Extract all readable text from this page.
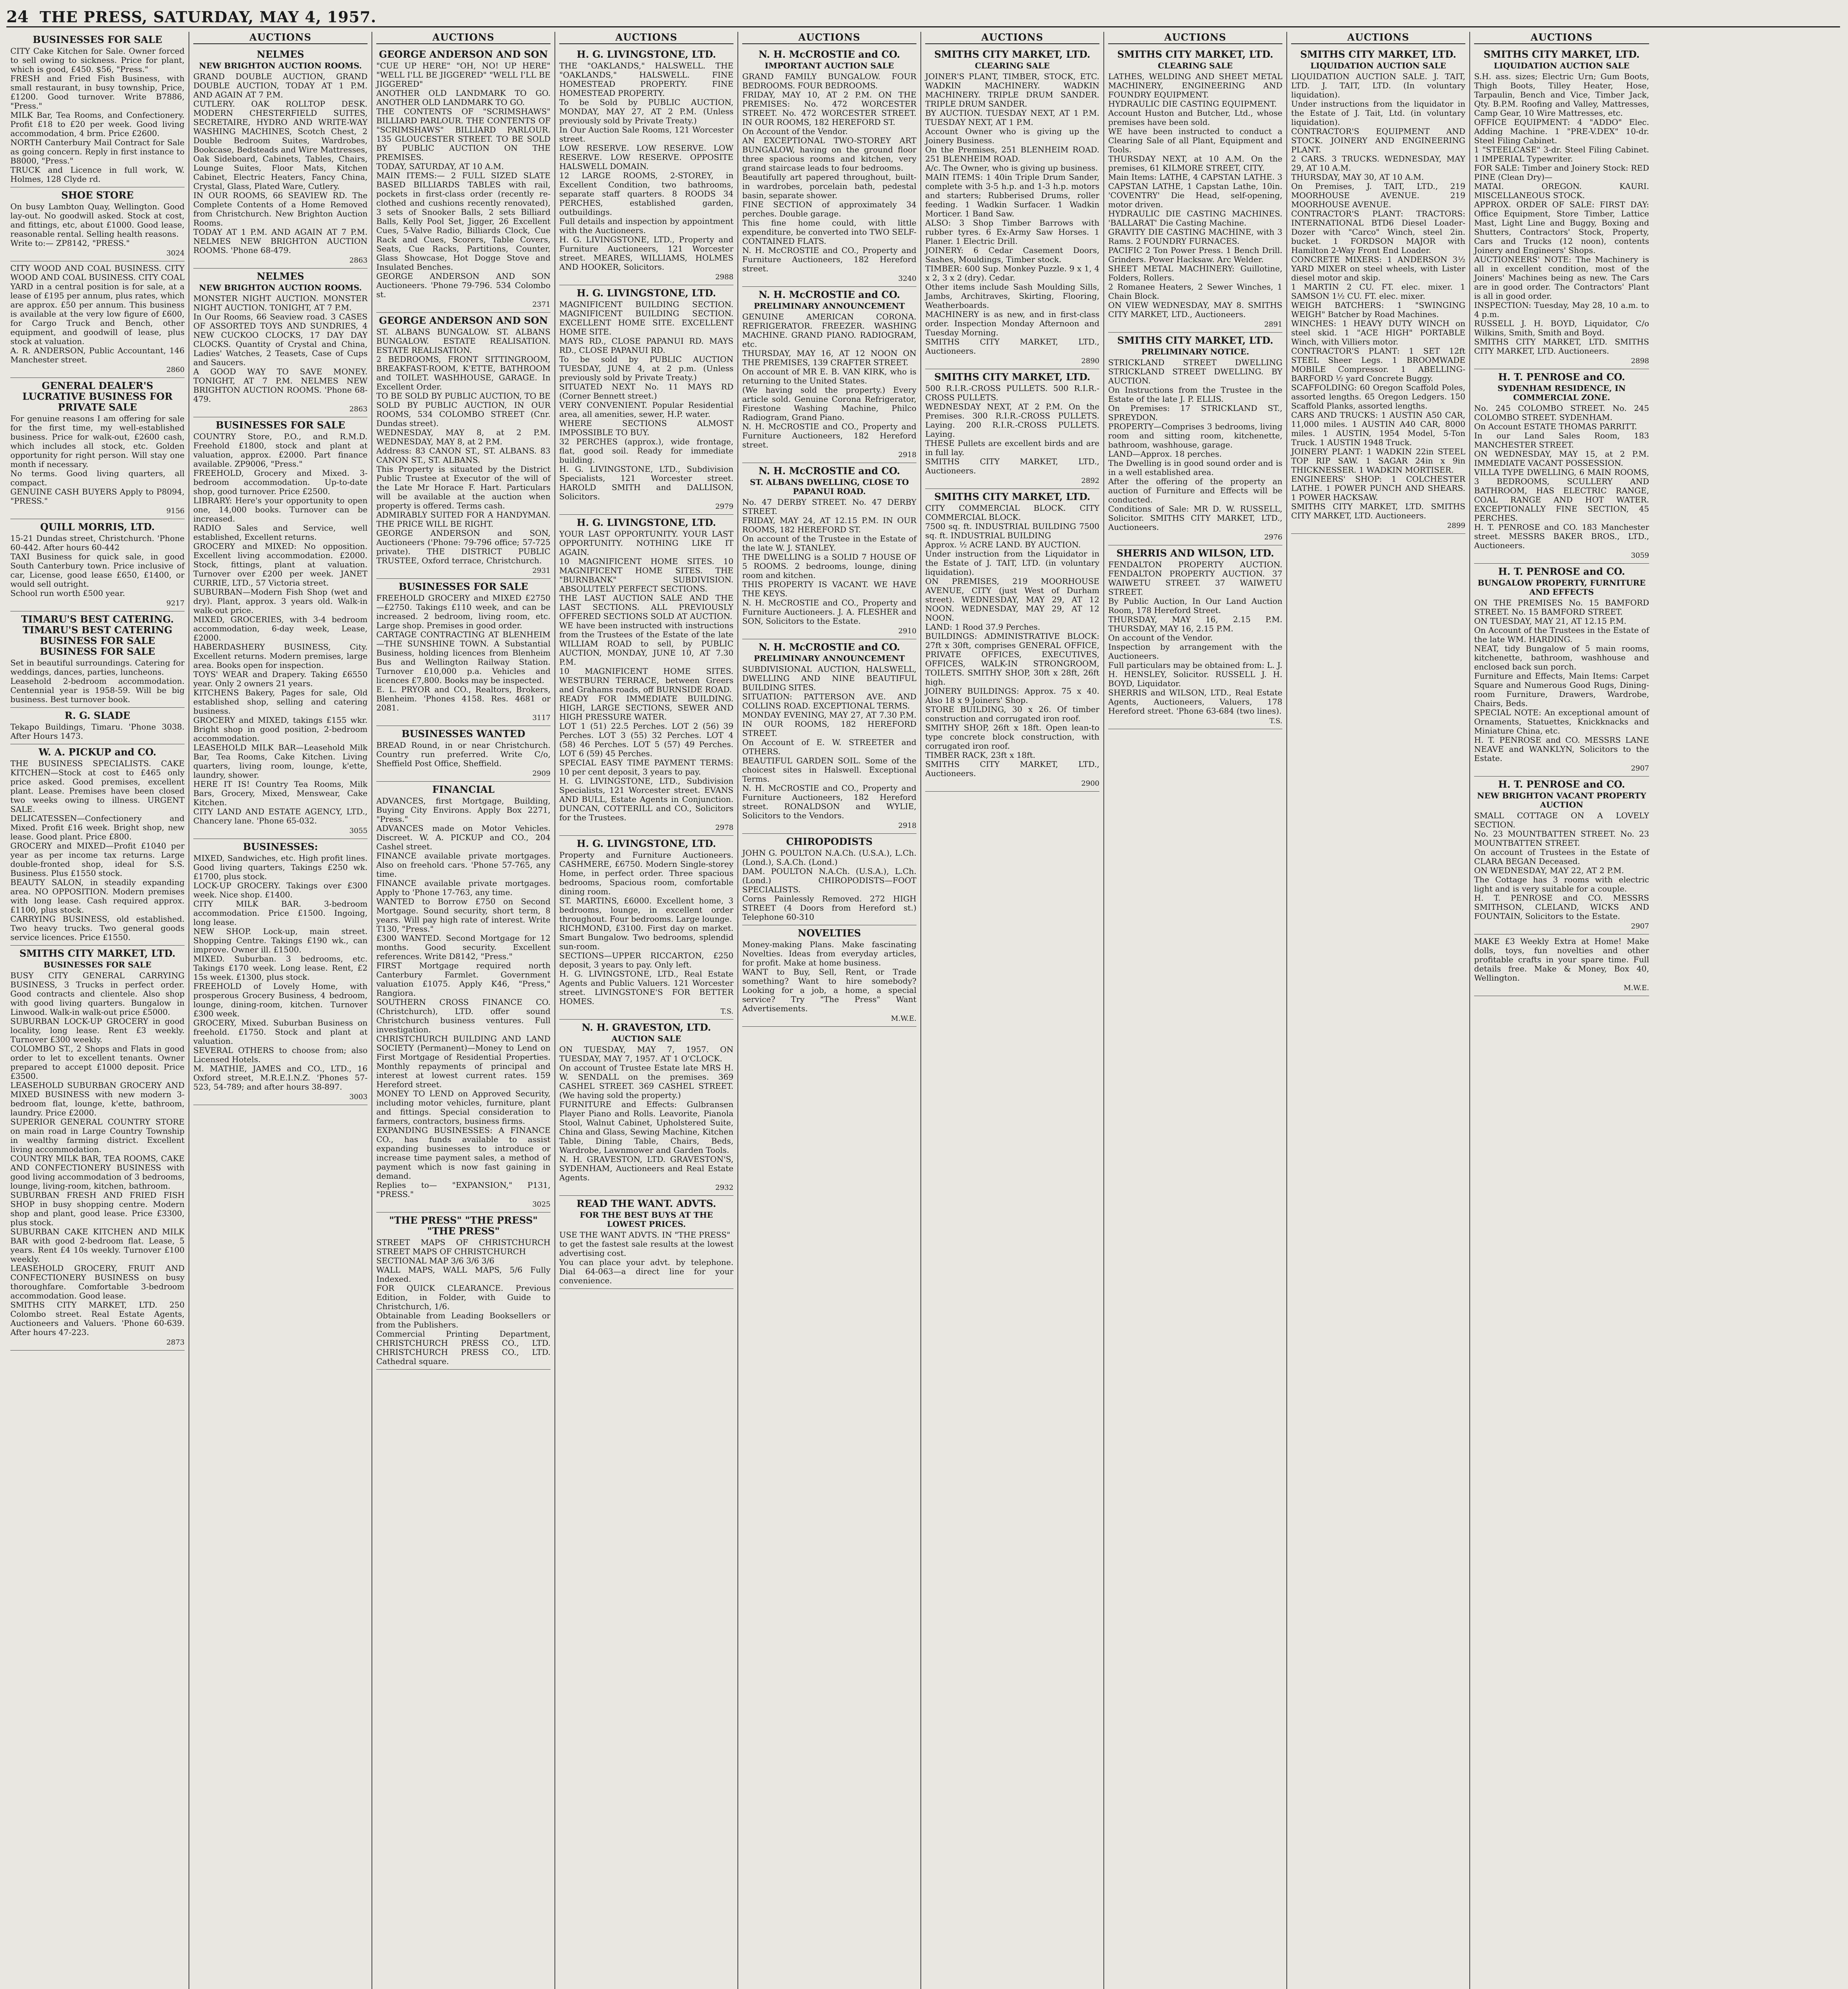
24 THE PRESS, SATURDAY, MAY 4, 1957.
BUSINESSES FOR SALE

CITY Cake Kitchen for Sale. Owner forced to sell owing to sickness. Price for plant, which is good, £450. $56, "Press."

FRESH and Fried Fish Business, with small restaurant, in busy township, Price, £1200. Good turnover. Write B7886, "Press."

MILK Bar, Tea Rooms, and Confectionery. Profit £18 to £20 per week. Good living accommodation, 4 brm. Price £2600.

NORTH Canterbury Mail Contract for Sale as going concern. Reply in first instance to B8000, "Press."

TRUCK and Licence in full work, W. Holmes, 128 Clyde rd.

SHOE STORE

On busy Lambton Quay, Wellington. Good lay-out. No goodwill asked. Stock at cost, and fittings, etc, about £1000. Good lease, reasonable rental. Selling health reasons.

Write to:— ZP8142, "PRESS."

3024

CITY WOOD AND COAL BUSINESS. CITY WOOD AND COAL BUSINESS. CITY COAL YARD in a central position is for sale, at a lease of £195 per annum, plus rates, which are approx. £50 per annum. This business is available at the very low figure of £600, for Cargo Truck and Bench, other equipment, and goodwill of lease, plus stock at valuation.

A. R. ANDERSON, Public Accountant, 146 Manchester street.

2860
GENERAL DEALER'S LUCRATIVE BUSINESS FOR PRIVATE SALE

For genuine reasons I am offering for sale for the first time, my well-established business. Price for walk-out, £2600 cash, which includes all stock, etc. Golden opportunity for right person. Will stay one month if necessary.

No terms. Good living quarters, all compact.

GENUINE CASH BUYERS Apply to P8094, "PRESS."

9156
QUILL MORRIS, LTD.

15-21 Dundas street, Christchurch. 'Phone 60-442. After hours 60-442

TAXI Business for quick sale, in good South Canterbury town. Price inclusive of car, License, good lease £650, £1400, or would sell outright.

School run worth £500 year.

9217
TIMARU'S BEST CATERING. TIMARU'S BEST CATERING BUSINESS FOR SALE BUSINESS FOR SALE

Set in beautiful surroundings. Catering for weddings, dances, parties, luncheons.

Leasehold 2-bedroom accommodation. Centennial year is 1958-59. Will be big business. Best turnover book.

R. G. SLADE

Tekapo Buildings, Timaru. 'Phone 3038. After Hours 1473.

W. A. PICKUP and CO.

THE BUSINESS SPECIALISTS. CAKE KITCHEN—Stock at cost to £465 only price asked. Good premises, excellent plant. Lease. Premises have been closed two weeks owing to illness. URGENT SALE.

DELICATESSEN—Confectionery and Mixed. Profit £16 week. Bright shop, new lease. Good plant. Price £800.

GROCERY and MIXED—Profit £1040 per year as per income tax returns. Large double-fronted shop, ideal for S.S. Business. Plus £1550 stock.

BEAUTY SALON, in steadily expanding area. NO OPPOSITION. Modern premises with long lease. Cash required approx. £1100, plus stock.

CARRYING BUSINESS, old established. Two heavy trucks. Two general goods service licences. Price £1550.

SMITHS CITY MARKET, LTD.
BUSINESSES FOR SALE

BUSY CITY GENERAL CARRYING BUSINESS, 3 Trucks in perfect order. Good contracts and clientele. Also shop with good living quarters. Bungalow in Linwood. Walk-in walk-out price £5000.

SUBURBAN LOCK-UP GROCERY in good locality, long lease. Rent £3 weekly. Turnover £300 weekly.

COLOMBO ST., 2 Shops and Flats in good order to let to excellent tenants. Owner prepared to accept £1000 deposit. Price £3500.

LEASEHOLD SUBURBAN GROCERY AND MIXED BUSINESS with new modern 3-bedroom flat, lounge, k'ette, bathroom, laundry. Price £2000.

SUPERIOR GENERAL COUNTRY STORE on main road in Large Country Township in wealthy farming district. Excellent living accommodation.

COUNTRY MILK BAR, TEA ROOMS, CAKE AND CONFECTIONERY BUSINESS with good living accommodation of 3 bedrooms, lounge, living-room, kitchen, bathroom.

SUBURBAN FRESH AND FRIED FISH SHOP in busy shopping centre. Modern shop and plant, good lease. Price £3300, plus stock.

SUBURBAN CAKE KITCHEN AND MILK BAR with good 2-bedroom flat. Lease, 5 years. Rent £4 10s weekly. Turnover £100 weekly.

LEASEHOLD GROCERY, FRUIT AND CONFECTIONERY BUSINESS on busy thoroughfare. Comfortable 3-bedroom accommodation. Good lease.

SMITHS CITY MARKET, LTD. 250 Colombo street. Real Estate Agents, Auctioneers and Valuers. 'Phone 60-639. After hours 47-223.

2873
AUCTIONS
NELMES
NEW BRIGHTON AUCTION ROOMS.

GRAND DOUBLE AUCTION, GRAND DOUBLE AUCTION, TODAY AT 1 P.M. AND AGAIN AT 7 P.M.

CUTLERY. OAK ROLLTOP DESK. MODERN CHESTERFIELD SUITES, SECRETAIRE, HYDRO AND WRITE-WAY WASHING MACHINES, Scotch Chest, 2 Double Bedroom Suites, Wardrobes, Bookcase, Bedsteads and Wire Mattresses, Oak Sideboard, Cabinets, Tables, Chairs, Lounge Suites, Floor Mats, Kitchen Cabinet, Electric Heaters, Fancy China, Crystal, Glass, Plated Ware, Cutlery.

IN OUR ROOMS, 66 SEAVIEW RD. The Complete Contents of a Home Removed from Christchurch. New Brighton Auction Rooms.

TODAY AT 1 P.M. AND AGAIN AT 7 P.M. NELMES NEW BRIGHTON AUCTION ROOMS. 'Phone 68-479.

2863
NELMES
NEW BRIGHTON AUCTION ROOMS.

MONSTER NIGHT AUCTION. MONSTER NIGHT AUCTION. TONIGHT, AT 7 P.M.

In Our Rooms, 66 Seaview road. 3 CASES OF ASSORTED TOYS AND SUNDRIES, 4 NEW CUCKOO CLOCKS, 17 DAY DAY CLOCKS. Quantity of Crystal and China, Ladies' Watches, 2 Teasets, Case of Cups and Saucers.

A GOOD WAY TO SAVE MONEY. TONIGHT, AT 7 P.M. NELMES NEW BRIGHTON AUCTION ROOMS. 'Phone 68-479.

2863
BUSINESSES FOR SALE

COUNTRY Store, P.O., and R.M.D. Freehold £1800, stock and plant at valuation, approx. £2000. Part finance available. ZP9006, "Press."

FREEHOLD, Grocery and Mixed. 3-bedroom accommodation. Up-to-date shop, good turnover. Price £2500.

LIBRARY: Here's your opportunity to open one, 14,000 books. Turnover can be increased.

RADIO Sales and Service, well established, Excellent returns.

GROCERY and MIXED: No opposition. Excellent living accommodation. £2000. Stock, fittings, plant at valuation. Turnover over £200 per week. JANET CURRIE, LTD., 57 Victoria street.

SUBURBAN—Modern Fish Shop (wet and dry). Plant, approx. 3 years old. Walk-in walk-out price.

MIXED, GROCERIES, with 3-4 bedroom accommodation, 6-day week, Lease, £2000.

HABERDASHERY BUSINESS, City. Excellent returns. Modern premises, large area. Books open for inspection.

TOYS' WEAR and Drapery. Taking £6550 year. Only 2 owners 21 years.

KITCHENS Bakery, Pages for sale, Old established shop, selling and catering business.

GROCERY and MIXED, takings £155 wkr. Bright shop in good position, 2-bedroom accommodation.

LEASEHOLD MILK BAR—Leasehold Milk Bar, Tea Rooms, Cake Kitchen. Living quarters, living room, lounge, k'ette, laundry, shower.

HERE IT IS! Country Tea Rooms, Milk Bars, Grocery, Mixed, Menswear, Cake Kitchen.

CITY LAND AND ESTATE AGENCY, LTD., Chancery lane. 'Phone 65-032.

3055
BUSINESSES:

MIXED, Sandwiches, etc. High profit lines. Good living quarters, Takings £250 wk. £1700, plus stock.

LOCK-UP GROCERY. Takings over £300 week. Nice shop. £1400.

CITY MILK BAR. 3-bedroom accommodation. Price £1500. Ingoing, long lease.

NEW SHOP. Lock-up, main street. Shopping Centre. Takings £190 wk., can improve. Owner ill. £1500.

MIXED. Suburban. 3 bedrooms, etc. Takings £170 week. Long lease. Rent, £2 15s week. £1300, plus stock.

FREEHOLD of Lovely Home, with prosperous Grocery Business, 4 bedroom, lounge, dining-room, kitchen. Turnover £300 week.

GROCERY, Mixed. Suburban Business on freehold. £1750. Stock and plant at valuation.

SEVERAL OTHERS to choose from; also Licensed Hotels.

M. MATHIE, JAMES and CO., LTD., 16 Oxford street, M.R.E.I.N.Z. 'Phones 57-523, 54-789; and after hours 38-897.

3003
AUCTIONS
GEORGE ANDERSON AND SON

"CUE UP HERE" "OH, NO! UP HERE" "WELL I'LL BE JIGGERED" "WELL I'LL BE JIGGERED"

ANOTHER OLD LANDMARK TO GO. ANOTHER OLD LANDMARK TO GO.

THE CONTENTS OF "SCRIMSHAWS" BILLIARD PARLOUR. THE CONTENTS OF "SCRIMSHAWS" BILLIARD PARLOUR. 135 GLOUCESTER STREET. TO BE SOLD BY PUBLIC AUCTION ON THE PREMISES.

TODAY, SATURDAY, AT 10 A.M.

MAIN ITEMS:— 2 FULL SIZED SLATE BASED BILLIARDS TABLES with rail, pockets in first-class order (recently re-clothed and cushions recently renovated), 3 sets of Snooker Balls, 2 sets Billiard Balls, Kelly Pool Set, Jigger, 26 Excellent Cues, 5-Valve Radio, Billiards Clock, Cue Rack and Cues, Scorers, Table Covers, Seats, Cue Racks, Partitions, Counter, Glass Showcase, Hot Dogge Stove and Insulated Benches.

GEORGE ANDERSON AND SON Auctioneers. 'Phone 79-796. 534 Colombo st.

2371
GEORGE ANDERSON AND SON

ST. ALBANS BUNGALOW. ST. ALBANS BUNGALOW. ESTATE REALISATION. ESTATE REALISATION.

2 BEDROOMS, FRONT SITTINGROOM, BREAKFAST-ROOM, K'ETTE, BATHROOM and TOILET. WASHHOUSE, GARAGE. In Excellent Order.

TO BE SOLD BY PUBLIC AUCTION, TO BE SOLD BY PUBLIC AUCTION, IN OUR ROOMS, 534 COLOMBO STREET (Cnr. Dundas street).

WEDNESDAY, MAY 8, at 2 P.M. WEDNESDAY, MAY 8, at 2 P.M.

Address: 83 CANON ST., ST. ALBANS. 83 CANON ST., ST. ALBANS.

This Property is situated by the District Public Trustee at Executor of the will of the Late Mr Horace F. Hart. Particulars will be available at the auction when property is offered. Terms cash.

ADMIRABLY SUITED FOR A HANDYMAN. THE PRICE WILL BE RIGHT.

GEORGE ANDERSON and SON, Auctioneers ('Phone: 79-796 office; 57-725 private). THE DISTRICT PUBLIC TRUSTEE, Oxford terrace, Christchurch.

2931
BUSINESSES FOR SALE

FREEHOLD GROCERY and MIXED £2750—£2750. Takings £110 week, and can be increased. 2 bedroom, living room, etc. Large shop. Premises in good order.

CARTAGE CONTRACTING AT BLENHEIM—THE SUNSHINE TOWN. A Substantial Business, holding licences from Blenheim Bus and Wellington Railway Station. Turnover £10,000 p.a. Vehicles and licences £7,800. Books may be inspected.

E. L. PRYOR and CO., Realtors, Brokers, Blenheim. 'Phones 4158. Res. 4681 or 2081.

3117
BUSINESSES WANTED

BREAD Round, in or near Christchurch. Country run preferred. Write C/o, Sheffield Post Office, Sheffield.

2909
FINANCIAL

ADVANCES, first Mortgage, Building, Buying City Environs. Apply Box 2271, "Press."

ADVANCES made on Motor Vehicles. Discreet. W. A. PICKUP and CO., 204 Cashel street.

FINANCE available private mortgages. Also on freehold cars. 'Phone 57-765, any time.

FINANCE available private mortgages. Apply to 'Phone 17-763, any time.

WANTED to Borrow £750 on Second Mortgage. Sound security, short term, 8 years. Will pay high rate of interest. Write T130, "Press."

£300 WANTED. Second Mortgage for 12 months. Good security. Excellent references. Write D8142, "Press."

FIRST Mortgage required north Canterbury Farmlet. Government valuation £1075. Apply K46, "Press," Rangiora.

SOUTHERN CROSS FINANCE CO. (Christchurch), LTD. offer sound Christchurch business ventures. Full investigation.

CHRISTCHURCH BUILDING AND LAND SOCIETY (Permanent)—Money to Lend on First Mortgage of Residential Properties. Monthly repayments of principal and interest at lowest current rates. 159 Hereford street.

MONEY TO LEND on Approved Security, including motor vehicles, furniture, plant and fittings. Special consideration to farmers, contractors, business firms.

EXPANDING BUSINESSES: A FINANCE CO., has funds available to assist expanding businesses to introduce or increase time payment sales, a method of payment which is now fast gaining in demand.

Replies to— "EXPANSION," P131, "PRESS."

3025
"THE PRESS" "THE PRESS" "THE PRESS"

STREET MAPS OF CHRISTCHURCH STREET MAPS OF CHRISTCHURCH

SECTIONAL MAP 3/6 3/6 3/6

WALL MAPS, WALL MAPS, 5/6 Fully Indexed.

FOR QUICK CLEARANCE. Previous Edition, in Folder, with Guide to Christchurch, 1/6.

Obtainable from Leading Booksellers or from the Publishers.

Commercial Printing Department, CHRISTCHURCH PRESS CO., LTD. CHRISTCHURCH PRESS CO., LTD. Cathedral square.

AUCTIONS
H. G. LIVINGSTONE, LTD.

THE "OAKLANDS," HALSWELL. THE "OAKLANDS," HALSWELL. FINE HOMESTEAD PROPERTY. FINE HOMESTEAD PROPERTY.

To be Sold by PUBLIC AUCTION, MONDAY, MAY 27, AT 2 P.M. (Unless previously sold by Private Treaty.)

In Our Auction Sale Rooms, 121 Worcester street.

LOW RESERVE. LOW RESERVE. LOW RESERVE. LOW RESERVE. OPPOSITE HALSWELL DOMAIN.

12 LARGE ROOMS, 2-STOREY, in Excellent Condition, two bathrooms, separate staff quarters. 8 ROODS 34 PERCHES, established garden, outbuildings.

Full details and inspection by appointment with the Auctioneers.

H. G. LIVINGSTONE, LTD., Property and Furniture Auctioneers, 121 Worcester street. MEARES, WILLIAMS, HOLMES AND HOOKER, Solicitors.

2988
H. G. LIVINGSTONE, LTD.

MAGNIFICENT BUILDING SECTION. MAGNIFICENT BUILDING SECTION. EXCELLENT HOME SITE. EXCELLENT HOME SITE.

MAYS RD., CLOSE PAPANUI RD. MAYS RD., CLOSE PAPANUI RD.

To be sold by PUBLIC AUCTION TUESDAY, JUNE 4, at 2 p.m. (Unless previously sold by Private Treaty.)

SITUATED NEXT No. 11 MAYS RD (Corner Bennett street.)

VERY CONVENIENT. Popular Residential area, all amenities, sewer, H.P. water.

WHERE SECTIONS ALMOST IMPOSSIBLE TO BUY.

32 PERCHES (approx.), wide frontage, flat, good soil. Ready for immediate building.

H. G. LIVINGSTONE, LTD., Subdivision Specialists, 121 Worcester street. HAROLD SMITH and DALLISON, Solicitors.

2979
H. G. LIVINGSTONE, LTD.

YOUR LAST OPPORTUNITY. YOUR LAST OPPORTUNITY. NOTHING LIKE IT AGAIN.

10 MAGNIFICENT HOME SITES. 10 MAGNIFICENT HOME SITES. THE "BURNBANK" SUBDIVISION. ABSOLUTELY PERFECT SECTIONS.

THE LAST AUCTION SALE AND THE LAST SECTIONS. ALL PREVIOUSLY OFFERED SECTIONS SOLD AT AUCTION.

WE have been instructed with instructions from the Trustees of the Estate of the late WILLIAM ROAD to sell, by PUBLIC AUCTION, MONDAY, JUNE 10, AT 7.30 P.M.

10 MAGNIFICENT HOME SITES. WESTBURN TERRACE, between Greers and Grahams roads, off BURNSIDE ROAD.

READY FOR IMMEDIATE BUILDING. HIGH, LARGE SECTIONS, SEWER AND HIGH PRESSURE WATER.

LOT 1 (51) 22.5 Perches. LOT 2 (56) 39 Perches. LOT 3 (55) 32 Perches. LOT 4 (58) 46 Perches. LOT 5 (57) 49 Perches. LOT 6 (59) 45 Perches.

SPECIAL EASY TIME PAYMENT TERMS: 10 per cent deposit, 3 years to pay.

H. G. LIVINGSTONE, LTD., Subdivision Specialists, 121 Worcester street. EVANS AND BULL, Estate Agents in Conjunction. DUNCAN, COTTERILL and CO., Solicitors for the Trustees.

2978
H. G. LIVINGSTONE, LTD.

Property and Furniture Auctioneers. CASHMERE, £6750. Modern Single-storey Home, in perfect order. Three spacious bedrooms, Spacious room, comfortable dining room.

ST. MARTINS, £6000. Excellent home, 3 bedrooms, lounge, in excellent order throughout. Four bedrooms. Large lounge.

RICHMOND, £3100. First day on market. Smart Bungalow. Two bedrooms, splendid sun-room.

SECTIONS—UPPER RICCARTON, £250 deposit, 3 years to pay. Only left.

H. G. LIVINGSTONE, LTD., Real Estate Agents and Public Valuers. 121 Worcester street. LIVINGSTONE'S FOR BETTER HOMES.

T.S.
N. H. GRAVESTON, LTD.
AUCTION SALE

ON TUESDAY, MAY 7, 1957. ON TUESDAY, MAY 7, 1957. AT 1 O'CLOCK.

On account of Trustee Estate late MRS H. W. SENDALL on the premises. 369 CASHEL STREET. 369 CASHEL STREET. (We having sold the property.)

FURNITURE and Effects: Gulbransen Player Piano and Rolls. Leavorite, Pianola Stool, Walnut Cabinet, Upholstered Suite, China and Glass, Sewing Machine, Kitchen Table, Dining Table, Chairs, Beds, Wardrobe, Lawnmower and Garden Tools.

N. H. GRAVESTON, LTD. GRAVESTON'S, SYDENHAM, Auctioneers and Real Estate Agents.

2932
READ THE WANT. ADVTS.
FOR THE BEST BUYS AT THE LOWEST PRICES.

USE THE WANT ADVTS. IN "THE PRESS"

to get the fastest sale results at the lowest advertising cost.

You can place your advt. by telephone. Dial 64-063—a direct line for your convenience.

AUCTIONS
N. H. McCROSTIE and CO.
IMPORTANT AUCTION SALE

GRAND FAMILY BUNGALOW. FOUR BEDROOMS. FOUR BEDROOMS.

FRIDAY, MAY 10, AT 2 P.M. ON THE PREMISES: No. 472 WORCESTER STREET. No. 472 WORCESTER STREET. IN OUR ROOMS, 182 HEREFORD ST.

On Account of the Vendor.

AN EXCEPTIONAL TWO-STOREY ART BUNGALOW, having on the ground floor three spacious rooms and kitchen, very grand staircase leads to four bedrooms.

Beautifully art papered throughout, built-in wardrobes, porcelain bath, pedestal basin, separate shower.

FINE SECTION of approximately 34 perches. Double garage.

This fine home could, with little expenditure, be converted into TWO SELF-CONTAINED FLATS.

N. H. McCROSTIE and CO., Property and Furniture Auctioneers, 182 Hereford street.

3240
N. H. McCROSTIE and CO.
PRELIMINARY ANNOUNCEMENT

GENUINE AMERICAN CORONA. REFRIGERATOR. FREEZER. WASHING MACHINE. GRAND PIANO. RADIOGRAM, etc.

THURSDAY, MAY 16, AT 12 NOON ON THE PREMISES, 139 CRAFTER STREET.

On account of MR E. B. VAN KIRK, who is returning to the United States.

(We having sold the property.) Every article sold. Genuine Corona Refrigerator, Firestone Washing Machine, Philco Radiogram, Grand Piano.

N. H. McCROSTIE and CO., Property and Furniture Auctioneers, 182 Hereford street.

2918
N. H. McCROSTIE and CO.
ST. ALBANS DWELLING, CLOSE TO PAPANUI ROAD.

No. 47 DERBY STREET. No. 47 DERBY STREET.

FRIDAY, MAY 24, AT 12.15 P.M. IN OUR ROOMS, 182 HEREFORD ST.

On account of the Trustee in the Estate of the late W. J. STANLEY.

THE DWELLING is a SOLID 7 HOUSE OF 5 ROOMS. 2 bedrooms, lounge, dining room and kitchen.

THIS PROPERTY IS VACANT. WE HAVE THE KEYS.

N. H. McCROSTIE and CO., Property and Furniture Auctioneers. J. A. FLESHER and SON, Solicitors to the Estate.

2910
N. H. McCROSTIE and CO.
PRELIMINARY ANNOUNCEMENT

SUBDIVISIONAL AUCTION, HALSWELL, DWELLING AND NINE BEAUTIFUL BUILDING SITES.

SITUATION: PATTERSON AVE. AND COLLINS ROAD. EXCEPTIONAL TERMS.

MONDAY EVENING, MAY 27, AT 7.30 P.M. IN OUR ROOMS, 182 HEREFORD STREET.

On Account of E. W. STREETER and OTHERS.

BEAUTIFUL GARDEN SOIL. Some of the choicest sites in Halswell. Exceptional Terms.

N. H. McCROSTIE and CO., Property and Furniture Auctioneers, 182 Hereford street. RONALDSON and WYLIE, Solicitors to the Vendors.

2918
CHIROPODISTS

JOHN G. POULTON N.A.Ch. (U.S.A.), L.Ch. (Lond.), S.A.Ch. (Lond.)

DAM. POULTON N.A.Ch. (U.S.A.), L.Ch. (Lond.) CHIROPODISTS—FOOT SPECIALISTS.

Corns Painlessly Removed. 272 HIGH STREET (4 Doors from Hereford st.) Telephone 60-310

NOVELTIES

Money-making Plans. Make fascinating Novelties. Ideas from everyday articles, for profit. Make at home business.

WANT to Buy, Sell, Rent, or Trade something? Want to hire somebody? Looking for a job, a home, a special service? Try "The Press" Want Advertisements.

M.W.E.
AUCTIONS
SMITHS CITY MARKET, LTD.
CLEARING SALE

JOINER'S PLANT, TIMBER, STOCK, ETC. WADKIN MACHINERY. WADKIN MACHINERY. TRIPLE DRUM SANDER. TRIPLE DRUM SANDER.

BY AUCTION. TUESDAY NEXT, AT 1 P.M. TUESDAY NEXT, AT 1 P.M.

Account Owner who is giving up the Joinery Business.

On the Premises, 251 BLENHEIM ROAD. 251 BLENHEIM ROAD.

A/c. The Owner, who is giving up business.

MAIN ITEMS: 1 40in Triple Drum Sander, complete with 3-5 h.p. and 1-3 h.p. motors and starters; Rubberised Drums, roller feeding. 1 Wadkin Surfacer. 1 Wadkin Morticer. 1 Band Saw.

ALSO: 3 Shop Timber Barrows with rubber tyres. 6 Ex-Army Saw Horses. 1 Planer. 1 Electric Drill.

JOINERY: 6 Cedar Casement Doors, Sashes, Mouldings, Timber stock.

TIMBER: 600 Sup. Monkey Puzzle. 9 x 1, 4 x 2, 3 x 2 (dry). Cedar.

Other items include Sash Moulding Sills, Jambs, Architraves, Skirting, Flooring, Weatherboards.

MACHINERY is as new, and in first-class order. Inspection Monday Afternoon and Tuesday Morning.

SMITHS CITY MARKET, LTD., Auctioneers.

2890
SMITHS CITY MARKET, LTD.

500 R.I.R.-CROSS PULLETS. 500 R.I.R.-CROSS PULLETS.

WEDNESDAY NEXT, AT 2 P.M. On the Premises. 300 R.I.R.-CROSS PULLETS. Laying. 200 R.I.R.-CROSS PULLETS. Laying.

THESE Pullets are excellent birds and are in full lay.

SMITHS CITY MARKET, LTD., Auctioneers.

2892
SMITHS CITY MARKET, LTD.

CITY COMMERCIAL BLOCK. CITY COMMERCIAL BLOCK.

7500 sq. ft. INDUSTRIAL BUILDING 7500 sq. ft. INDUSTRIAL BUILDING

Approx. ½ ACRE LAND. BY AUCTION.

Under instruction from the Liquidator in the Estate of J. TAIT, LTD. (in voluntary liquidation).

ON PREMISES, 219 MOORHOUSE AVENUE, CITY (just West of Durham street). WEDNESDAY, MAY 29, AT 12 NOON. WEDNESDAY, MAY 29, AT 12 NOON.

LAND: 1 Rood 37.9 Perches.

BUILDINGS: ADMINISTRATIVE BLOCK: 27ft x 30ft, comprises GENERAL OFFICE, PRIVATE OFFICES, EXECUTIVES, OFFICES, WALK-IN STRONGROOM, TOILETS. SMITHY SHOP, 30ft x 28ft, 26ft high.

JOINERY BUILDINGS: Approx. 75 x 40. Also 18 x 9 Joiners' Shop.

STORE BUILDING, 30 x 26. Of timber construction and corrugated iron roof.

SMITHY SHOP, 26ft x 18ft. Open lean-to type concrete block construction, with corrugated iron roof.

TIMBER RACK, 23ft x 18ft.

SMITHS CITY MARKET, LTD., Auctioneers.

2900
AUCTIONS
SMITHS CITY MARKET, LTD.
CLEARING SALE

LATHES, WELDING AND SHEET METAL MACHINERY, ENGINEERING AND FOUNDRY EQUIPMENT.

HYDRAULIC DIE CASTING EQUIPMENT.

Account Huston and Butcher, Ltd., whose premises have been sold.

WE have been instructed to conduct a Clearing Sale of all Plant, Equipment and Tools.

THURSDAY NEXT, at 10 A.M. On the premises, 61 KILMORE STREET, CITY.

Main Items: LATHE, 4 CAPSTAN LATHE. 3 CAPSTAN LATHE, 1 Capstan Lathe, 10in. 'COVENTRY' Die Head, self-opening, motor driven.

HYDRAULIC DIE CASTING MACHINES. 'BALLARAT' Die Casting Machine.

GRAVITY DIE CASTING MACHINE, with 3 Rams. 2 FOUNDRY FURNACES.

PACIFIC 2 Ton Power Press. 1 Bench Drill. Grinders. Power Hacksaw. Arc Welder.

SHEET METAL MACHINERY: Guillotine, Folders, Rollers.

2 Romanee Heaters, 2 Sewer Winches, 1 Chain Block.

ON VIEW WEDNESDAY, MAY 8. SMITHS CITY MARKET, LTD., Auctioneers.

2891
SMITHS CITY MARKET, LTD.
PRELIMINARY NOTICE.

STRICKLAND STREET DWELLING STRICKLAND STREET DWELLING. BY AUCTION.

On Instructions from the Trustee in the Estate of the late J. P. ELLIS.

On Premises: 17 STRICKLAND ST., SPREYDON.

PROPERTY—Comprises 3 bedrooms, living room and sitting room, kitchenette, bathroom, washhouse, garage.

LAND—Approx. 18 perches.

The Dwelling is in good sound order and is in a well established area.

After the offering of the property an auction of Furniture and Effects will be conducted.

Conditions of Sale: MR D. W. RUSSELL, Solicitor. SMITHS CITY MARKET, LTD., Auctioneers.

2976
SHERRIS AND WILSON, LTD.

FENDALTON PROPERTY AUCTION. FENDALTON PROPERTY AUCTION. 37 WAIWETU STREET. 37 WAIWETU STREET.

By Public Auction, In Our Land Auction Room, 178 Hereford Street.

THURSDAY, MAY 16, 2.15 P.M. THURSDAY, MAY 16, 2.15 P.M.

On account of the Vendor.

Inspection by arrangement with the Auctioneers.

Full particulars may be obtained from: L. J. H. HENSLEY, Solicitor. RUSSELL J. H. BOYD, Liquidator.

SHERRIS and WILSON, LTD., Real Estate Agents, Auctioneers, Valuers, 178 Hereford street. 'Phone 63-684 (two lines).

T.S.
AUCTIONS
SMITHS CITY MARKET, LTD.
LIQUIDATION AUCTION SALE

LIQUIDATION AUCTION SALE. J. TAIT, LTD. J. TAIT, LTD. (In voluntary liquidation).

Under instructions from the liquidator in the Estate of J. Tait, Ltd. (in voluntary liquidation).

CONTRACTOR'S EQUIPMENT AND STOCK. JOINERY AND ENGINEERING PLANT.

2 CARS. 3 TRUCKS. WEDNESDAY, MAY 29, AT 10 A.M.

THURSDAY, MAY 30, AT 10 A.M.

On Premises, J. TAIT, LTD., 219 MOORHOUSE AVENUE. 219 MOORHOUSE AVENUE.

CONTRACTOR'S PLANT: TRACTORS: INTERNATIONAL BTD6 Diesel Loader-Dozer with "Carco" Winch, steel 2in. bucket. 1 FORDSON MAJOR with Hamilton 2-Way Front End Loader.

CONCRETE MIXERS: 1 ANDERSON 3½ YARD MIXER on steel wheels, with Lister diesel motor and skip.

1 MARTIN 2 CU. FT. elec. mixer. 1 SAMSON 1½ CU. FT. elec. mixer.

WEIGH BATCHERS: 1 "SWINGING WEIGH" Batcher by Road Machines.

WINCHES: 1 HEAVY DUTY WINCH on steel skid. 1 "ACE HIGH" PORTABLE Winch, with Villiers motor.

CONTRACTOR'S PLANT: 1 SET 12ft STEEL Sheer Legs. 1 BROOMWADE MOBILE Compressor. 1 ABELLING-BARFORD ½ yard Concrete Buggy.

SCAFFOLDING: 60 Oregon Scaffold Poles, assorted lengths. 65 Oregon Ledgers. 150 Scaffold Planks, assorted lengths.

CARS AND TRUCKS: 1 AUSTIN A50 CAR, 11,000 miles. 1 AUSTIN A40 CAR, 8000 miles. 1 AUSTIN, 1954 Model, 5-Ton Truck. 1 AUSTIN 1948 Truck.

JOINERY PLANT: 1 WADKIN 22in STEEL TOP RIP SAW. 1 SAGAR 24in x 9in THICKNESSER. 1 WADKIN MORTISER.

ENGINEERS' SHOP: 1 COLCHESTER LATHE. 1 POWER PUNCH AND SHEARS. 1 POWER HACKSAW.

SMITHS CITY MARKET, LTD. SMITHS CITY MARKET, LTD. Auctioneers.

2899
AUCTIONS
SMITHS CITY MARKET, LTD.
LIQUIDATION AUCTION SALE

S.H. ass. sizes; Electric Urn; Gum Boots, Thigh Boots, Tilley Heater, Hose, Tarpaulin, Bench and Vice, Timber Jack, Qty. B.P.M. Roofing and Valley, Mattresses, Camp Gear, 10 Wire Mattresses, etc.

OFFICE EQUIPMENT: 4 "ADDO" Elec. Adding Machine. 1 "PRE-V.DEX" 10-dr. Steel Filing Cabinet.

1 "STEELCASE" 3-dr. Steel Filing Cabinet. 1 IMPERIAL Typewriter.

FOR SALE: Timber and Joinery Stock: RED PINE (Clean Dry)—

MATAI. OREGON. KAURI. MISCELLANEOUS STOCK.

APPROX. ORDER OF SALE: FIRST DAY: Office Equipment, Store Timber, Lattice Mast, Light Line and Buggy, Boxing and Shutters, Contractors' Stock, Property, Cars and Trucks (12 noon), contents Joinery and Engineers' Shops.

AUCTIONEERS' NOTE: The Machinery is all in excellent condition, most of the Joiners' Machines being as new. The Cars are in good order. The Contractors' Plant is all in good order.

INSPECTION: Tuesday, May 28, 10 a.m. to 4 p.m.

RUSSELL J. H. BOYD, Liquidator, C/o Wilkins, Smith, Smith and Boyd.

SMITHS CITY MARKET, LTD. SMITHS CITY MARKET, LTD. Auctioneers.

2898
H. T. PENROSE and CO.
SYDENHAM RESIDENCE, IN COMMERCIAL ZONE.

No. 245 COLOMBO STREET. No. 245 COLOMBO STREET. SYDENHAM.

On Account ESTATE THOMAS PARRITT.

In our Land Sales Room, 183 MANCHESTER STREET.

ON WEDNESDAY, MAY 15, at 2 P.M. IMMEDIATE VACANT POSSESSION.

VILLA TYPE DWELLING, 6 MAIN ROOMS, 3 BEDROOMS, SCULLERY AND BATHROOM, HAS ELECTRIC RANGE, COAL RANGE AND HOT WATER. EXCEPTIONALLY FINE SECTION, 45 PERCHES.

H. T. PENROSE and CO. 183 Manchester street. MESSRS BAKER BROS., LTD., Auctioneers.

3059
H. T. PENROSE and CO.
BUNGALOW PROPERTY, FURNITURE AND EFFECTS

ON THE PREMISES No. 15 BAMFORD STREET. No. 15 BAMFORD STREET.

ON TUESDAY, MAY 21, AT 12.15 P.M.

On Account of the Trustees in the Estate of the late WM. HARDING.

NEAT, tidy Bungalow of 5 main rooms, kitchenette, bathroom, washhouse and enclosed back sun porch.

Furniture and Effects, Main Items: Carpet Square and Numerous Good Rugs, Dining-room Furniture, Drawers, Wardrobe, Chairs, Beds.

SPECIAL NOTE: An exceptional amount of Ornaments, Statuettes, Knickknacks and Miniature China, etc.

H. T. PENROSE and CO. MESSRS LANE NEAVE and WANKLYN, Solicitors to the Estate.

2907
H. T. PENROSE and CO.
NEW BRIGHTON VACANT PROPERTY AUCTION

SMALL COTTAGE ON A LOVELY SECTION.

No. 23 MOUNTBATTEN STREET. No. 23 MOUNTBATTEN STREET.

On account of Trustees in the Estate of CLARA BEGAN Deceased.

ON WEDNESDAY, MAY 22, AT 2 P.M.

The Cottage has 3 rooms with electric light and is very suitable for a couple.

H. T. PENROSE and CO. MESSRS SMITHSON, CLELAND, WICKS AND FOUNTAIN, Solicitors to the Estate.

2907

MAKE £3 Weekly Extra at Home! Make dolls, toys, fun novelties and other profitable crafts in your spare time. Full details free. Make & Money, Box 40, Wellington.

M.W.E.
